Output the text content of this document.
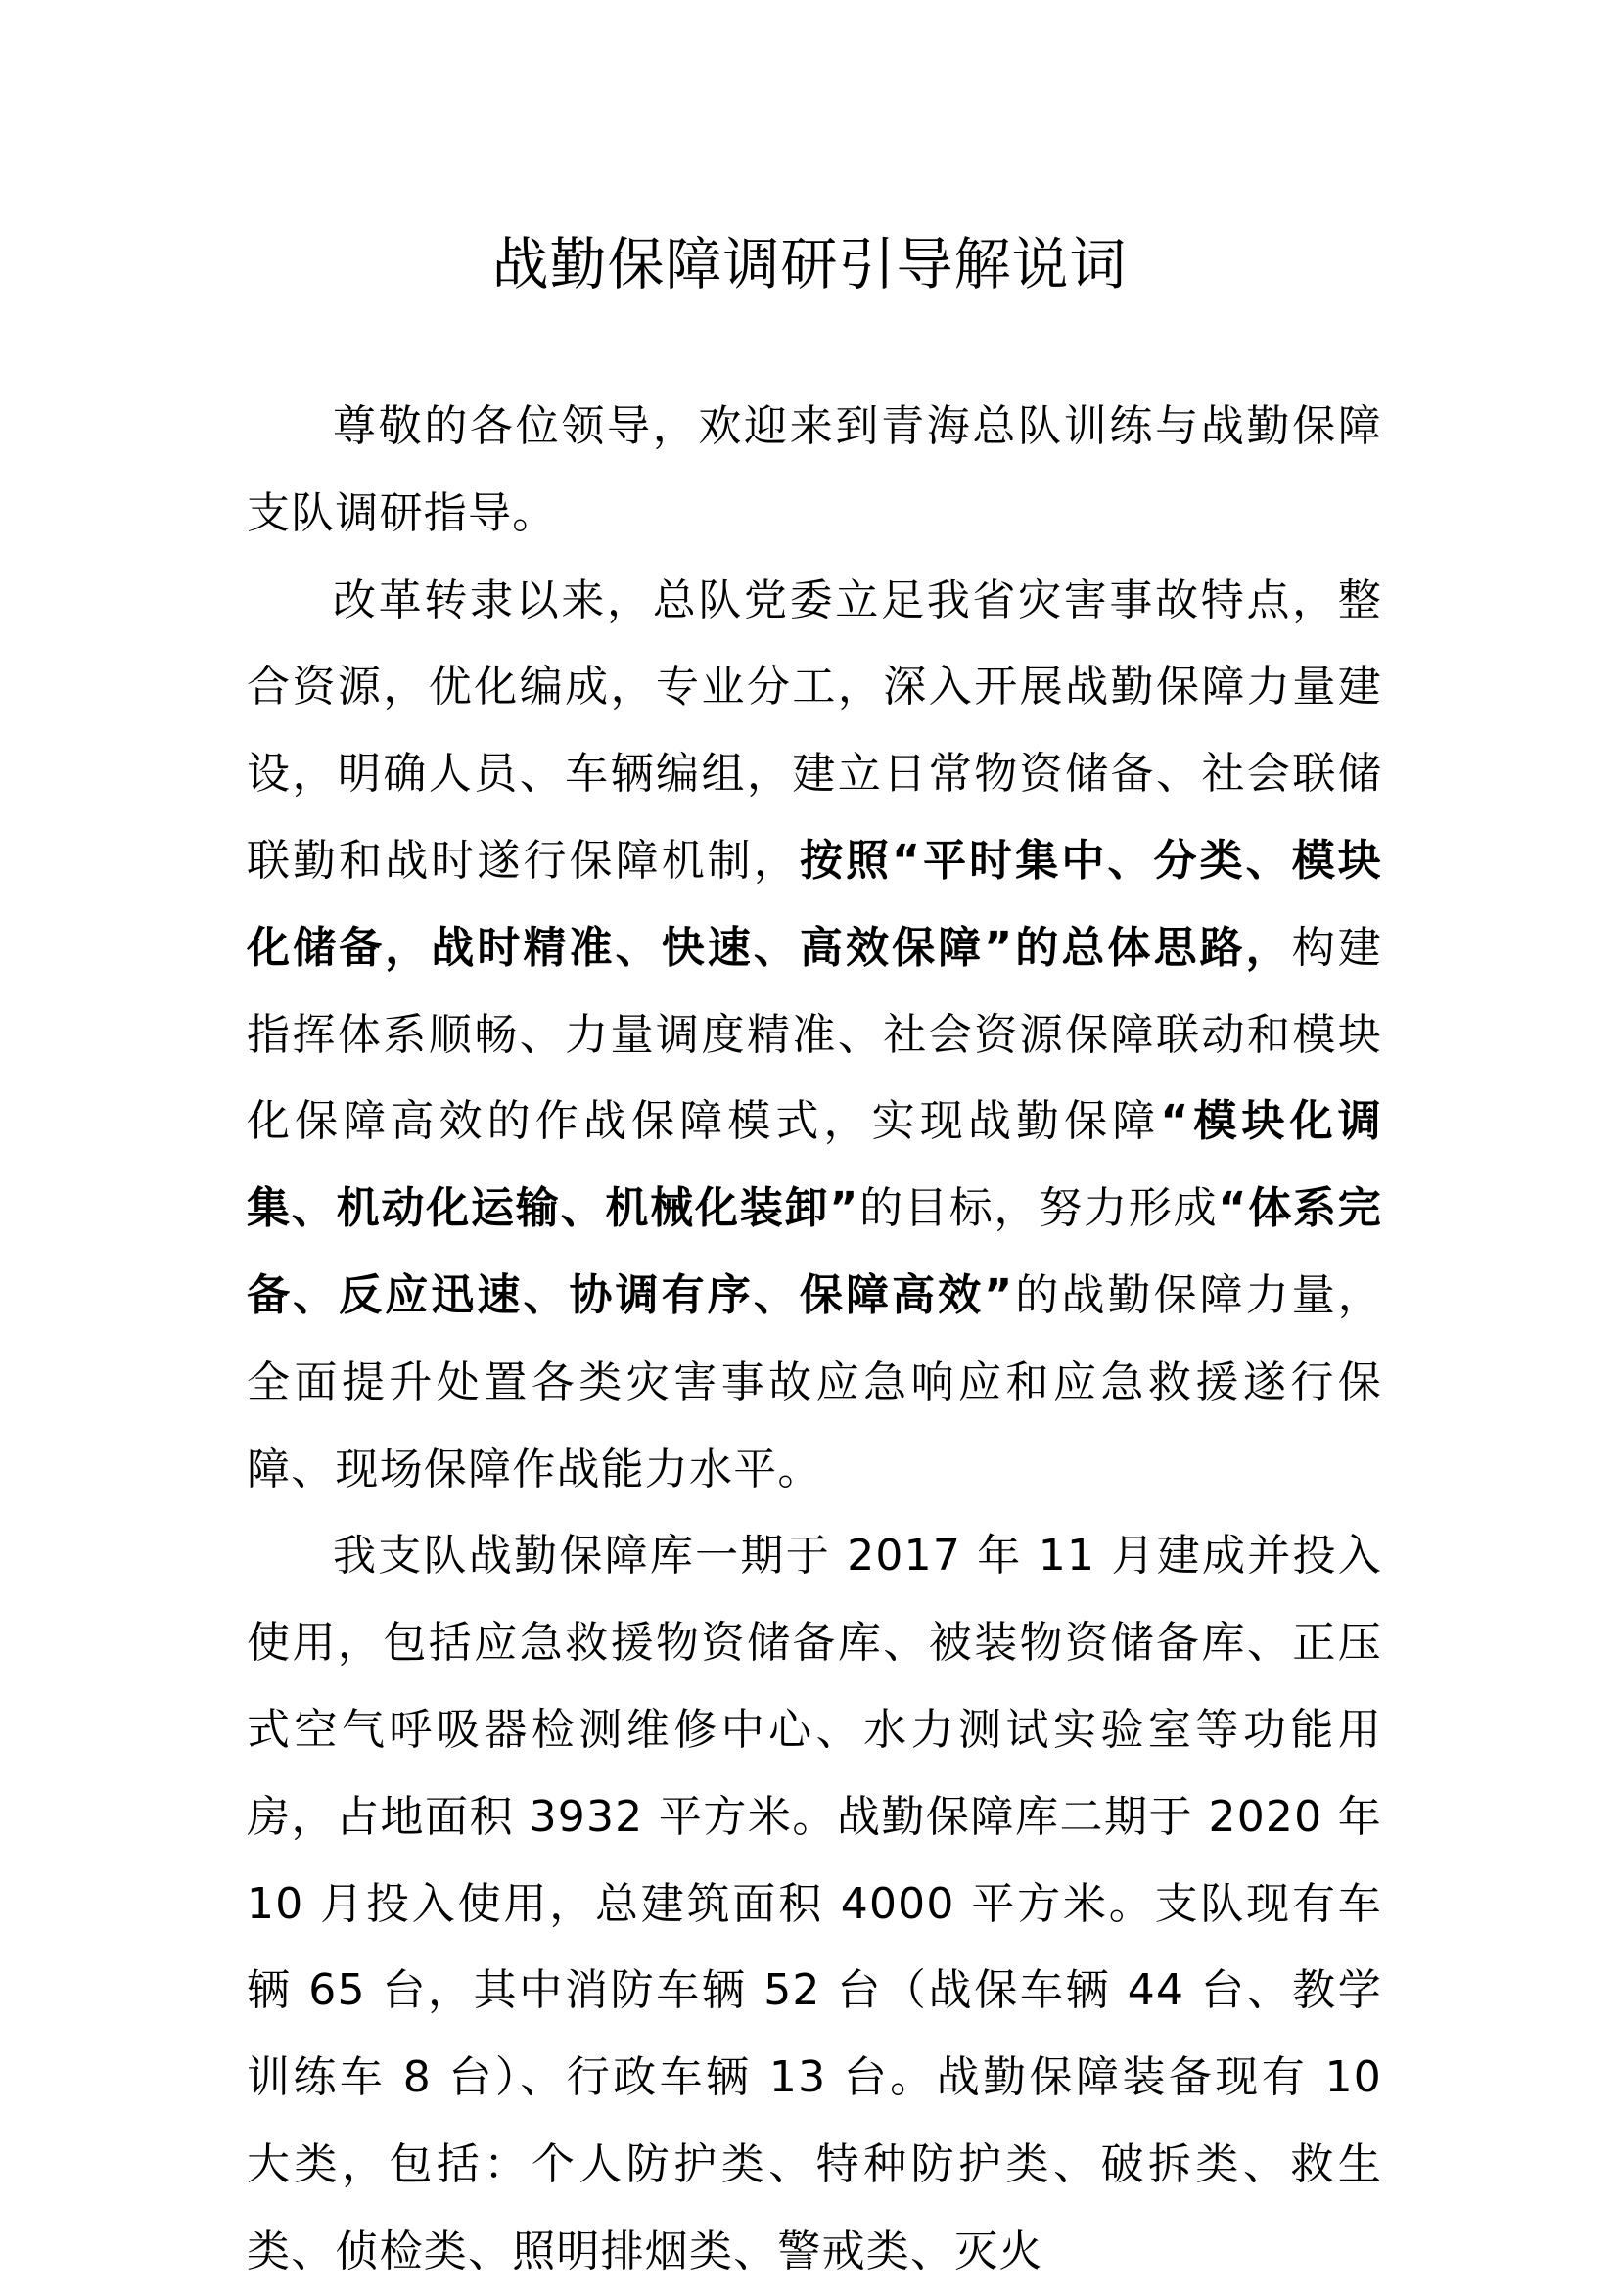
战勤保障调研引导解说词

尊敬的各位领导，欢迎来到青海总队训练与战勤保障支队调研指导。

改革转隶以来，总队党委立足我省灾害事故特点，整合资源，优化编成，专业分工，深入开展战勤保障力量建设，明确人员、车辆编组，建立日常物资储备、社会联储联勤和战时遂行保障机制，按照“平时集中、分类、模块化储备，战时精准、快速、高效保障”的总体思路，构建指挥体系顺畅、力量调度精准、社会资源保障联动和模块化保障高效的作战保障模式，实现战勤保障“模块化调集、机动化运输、机械化装卸”的目标，努力形成“体系完备、反应迅速、协调有序、保障高效”的战勤保障力量，全面提升处置各类灾害事故应急响应和应急救援遂行保障、现场保障作战能力水平。

我支队战勤保障库一期于 2017 年 11 月建成并投入使用，包括应急救援物资储备库、被装物资储备库、正压式空气呼吸器检测维修中心、水力测试实验室等功能用房，占地面积 3932 平方米。战勤保障库二期于 2020 年 10 月投入使用，总建筑面积 4000 平方米。支队现有车辆 65 台，其中消防车辆 52 台（战保车辆 44 台、教学训练车 8 台）、行政车辆 13 台。战勤保障装备现有 10 大类，包括：个人防护类、特种防护类、破拆类、救生类、侦检类、照明排烟类、警戒类、灭火
